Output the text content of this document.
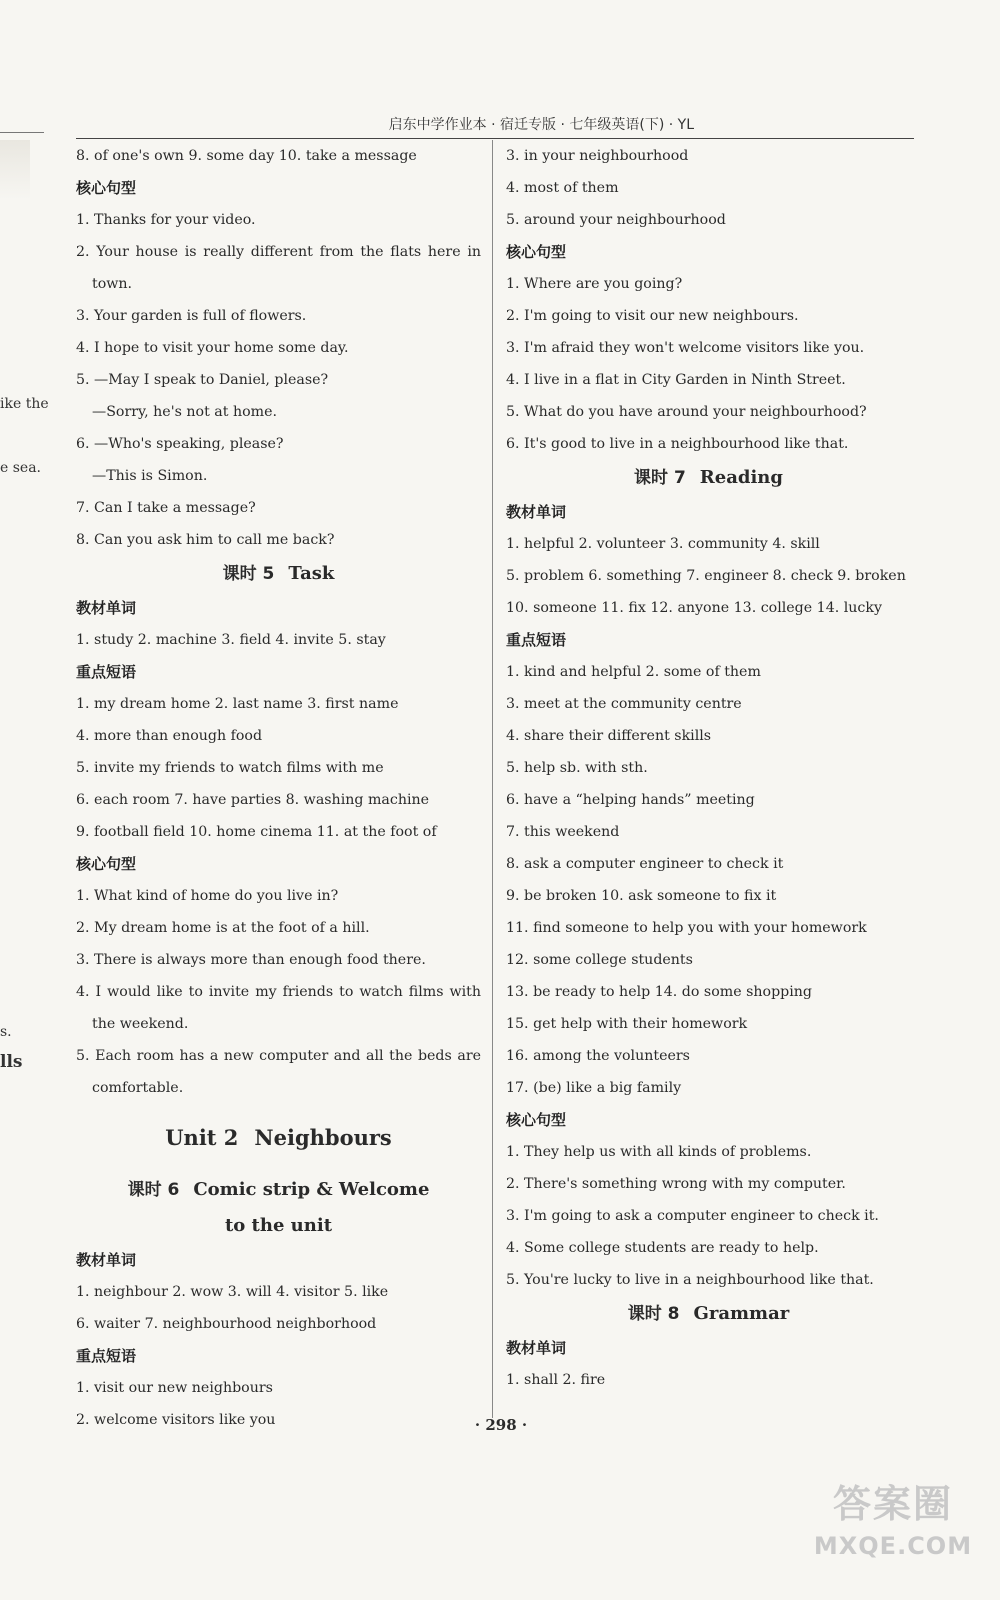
ike the
e sea.
s.
lls
启东中学作业本 · 宿迁专版 · 七年级英语(下) · YL
8. of one's own 9. some day 10. take a message
核心句型
1. Thanks for your video.
2. Your house is really different from the flats here in
town.
3. Your garden is full of flowers.
4. I hope to visit your home some day.
5. —May I speak to Daniel, please?
—Sorry, he's not at home.
6. —Who's speaking, please?
—This is Simon.
7. Can I take a message?
8. Can you ask him to call me back?
课时 5 Task
教材单词
1. study 2. machine 3. field 4. invite 5. stay
重点短语
1. my dream home 2. last name 3. first name
4. more than enough food
5. invite my friends to watch films with me
6. each room 7. have parties 8. washing machine
9. football field 10. home cinema 11. at the foot of
核心句型
1. What kind of home do you live in?
2. My dream home is at the foot of a hill.
3. There is always more than enough food there.
4. I would like to invite my friends to watch films with
the weekend.
5. Each room has a new computer and all the beds are
comfortable.
Unit 2 Neighbours
课时 6 Comic strip & Welcome
to the unit
教材单词
1. neighbour 2. wow 3. will 4. visitor 5. like
6. waiter 7. neighbourhood neighborhood
重点短语
1. visit our new neighbours
2. welcome visitors like you
3. in your neighbourhood
4. most of them
5. around your neighbourhood
核心句型
1. Where are you going?
2. I'm going to visit our new neighbours.
3. I'm afraid they won't welcome visitors like you.
4. I live in a flat in City Garden in Ninth Street.
5. What do you have around your neighbourhood?
6. It's good to live in a neighbourhood like that.
课时 7 Reading
教材单词
1. helpful 2. volunteer 3. community 4. skill
5. problem 6. something 7. engineer 8. check 9. broken
10. someone 11. fix 12. anyone 13. college 14. lucky
重点短语
1. kind and helpful 2. some of them
3. meet at the community centre
4. share their different skills
5. help sb. with sth.
6. have a “helping hands” meeting
7. this weekend
8. ask a computer engineer to check it
9. be broken 10. ask someone to fix it
11. find someone to help you with your homework
12. some college students
13. be ready to help 14. do some shopping
15. get help with their homework
16. among the volunteers
17. (be) like a big family
核心句型
1. They help us with all kinds of problems.
2. There's something wrong with my computer.
3. I'm going to ask a computer engineer to check it.
4. Some college students are ready to help.
5. You're lucky to live in a neighbourhood like that.
课时 8 Grammar
教材单词
1. shall 2. fire
· 298 ·
答案圈
MXQE.COM
